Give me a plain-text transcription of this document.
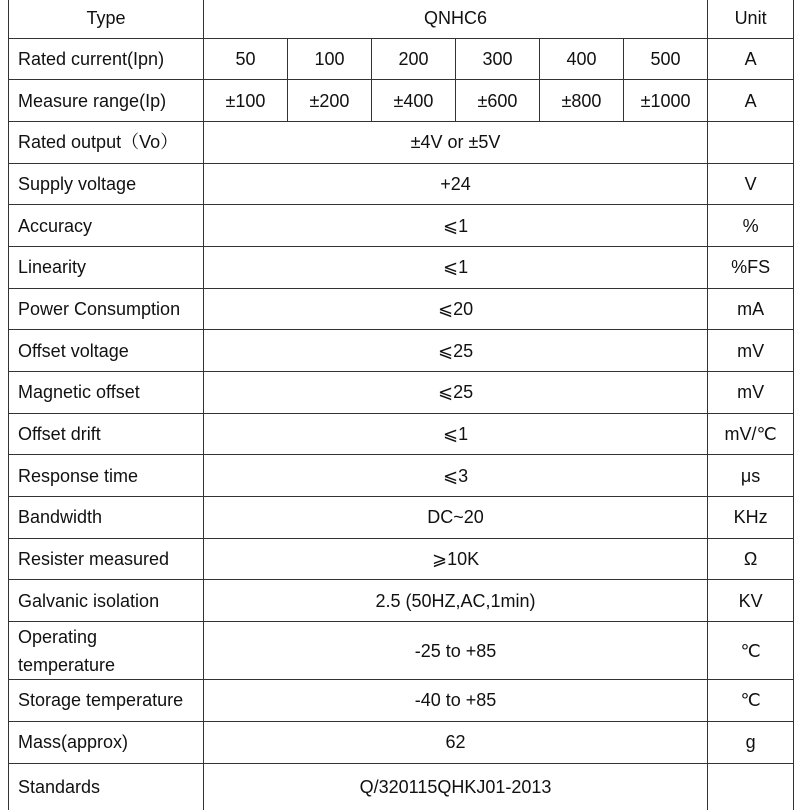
Type	QNHC6						Unit
Rated current(Ipn)	50	100	200	300	400	500	A
Measure range(Ip)	±100	±200	±400	±600	±800	±1000	A
Rated output（Vo）	±4V or ±5V						
Supply voltage	+24						V
Accuracy	⩽1						%
Linearity	⩽1						%FS
Power Consumption	⩽20						mA
Offset voltage	⩽25						mV
Magnetic offset	⩽25						mV
Offset drift	⩽1						mV/℃
Response time	⩽3						μs
Bandwidth	DC~20						KHz
Resister measured	⩾10K						Ω
Galvanic isolation	2.5 (50HZ,AC,1min)						KV
Operating temperature	-25 to +85						℃
Storage temperature	-40 to +85						℃
Mass(approx)	62						g
Standards	Q/320115QHKJ01-2013						
